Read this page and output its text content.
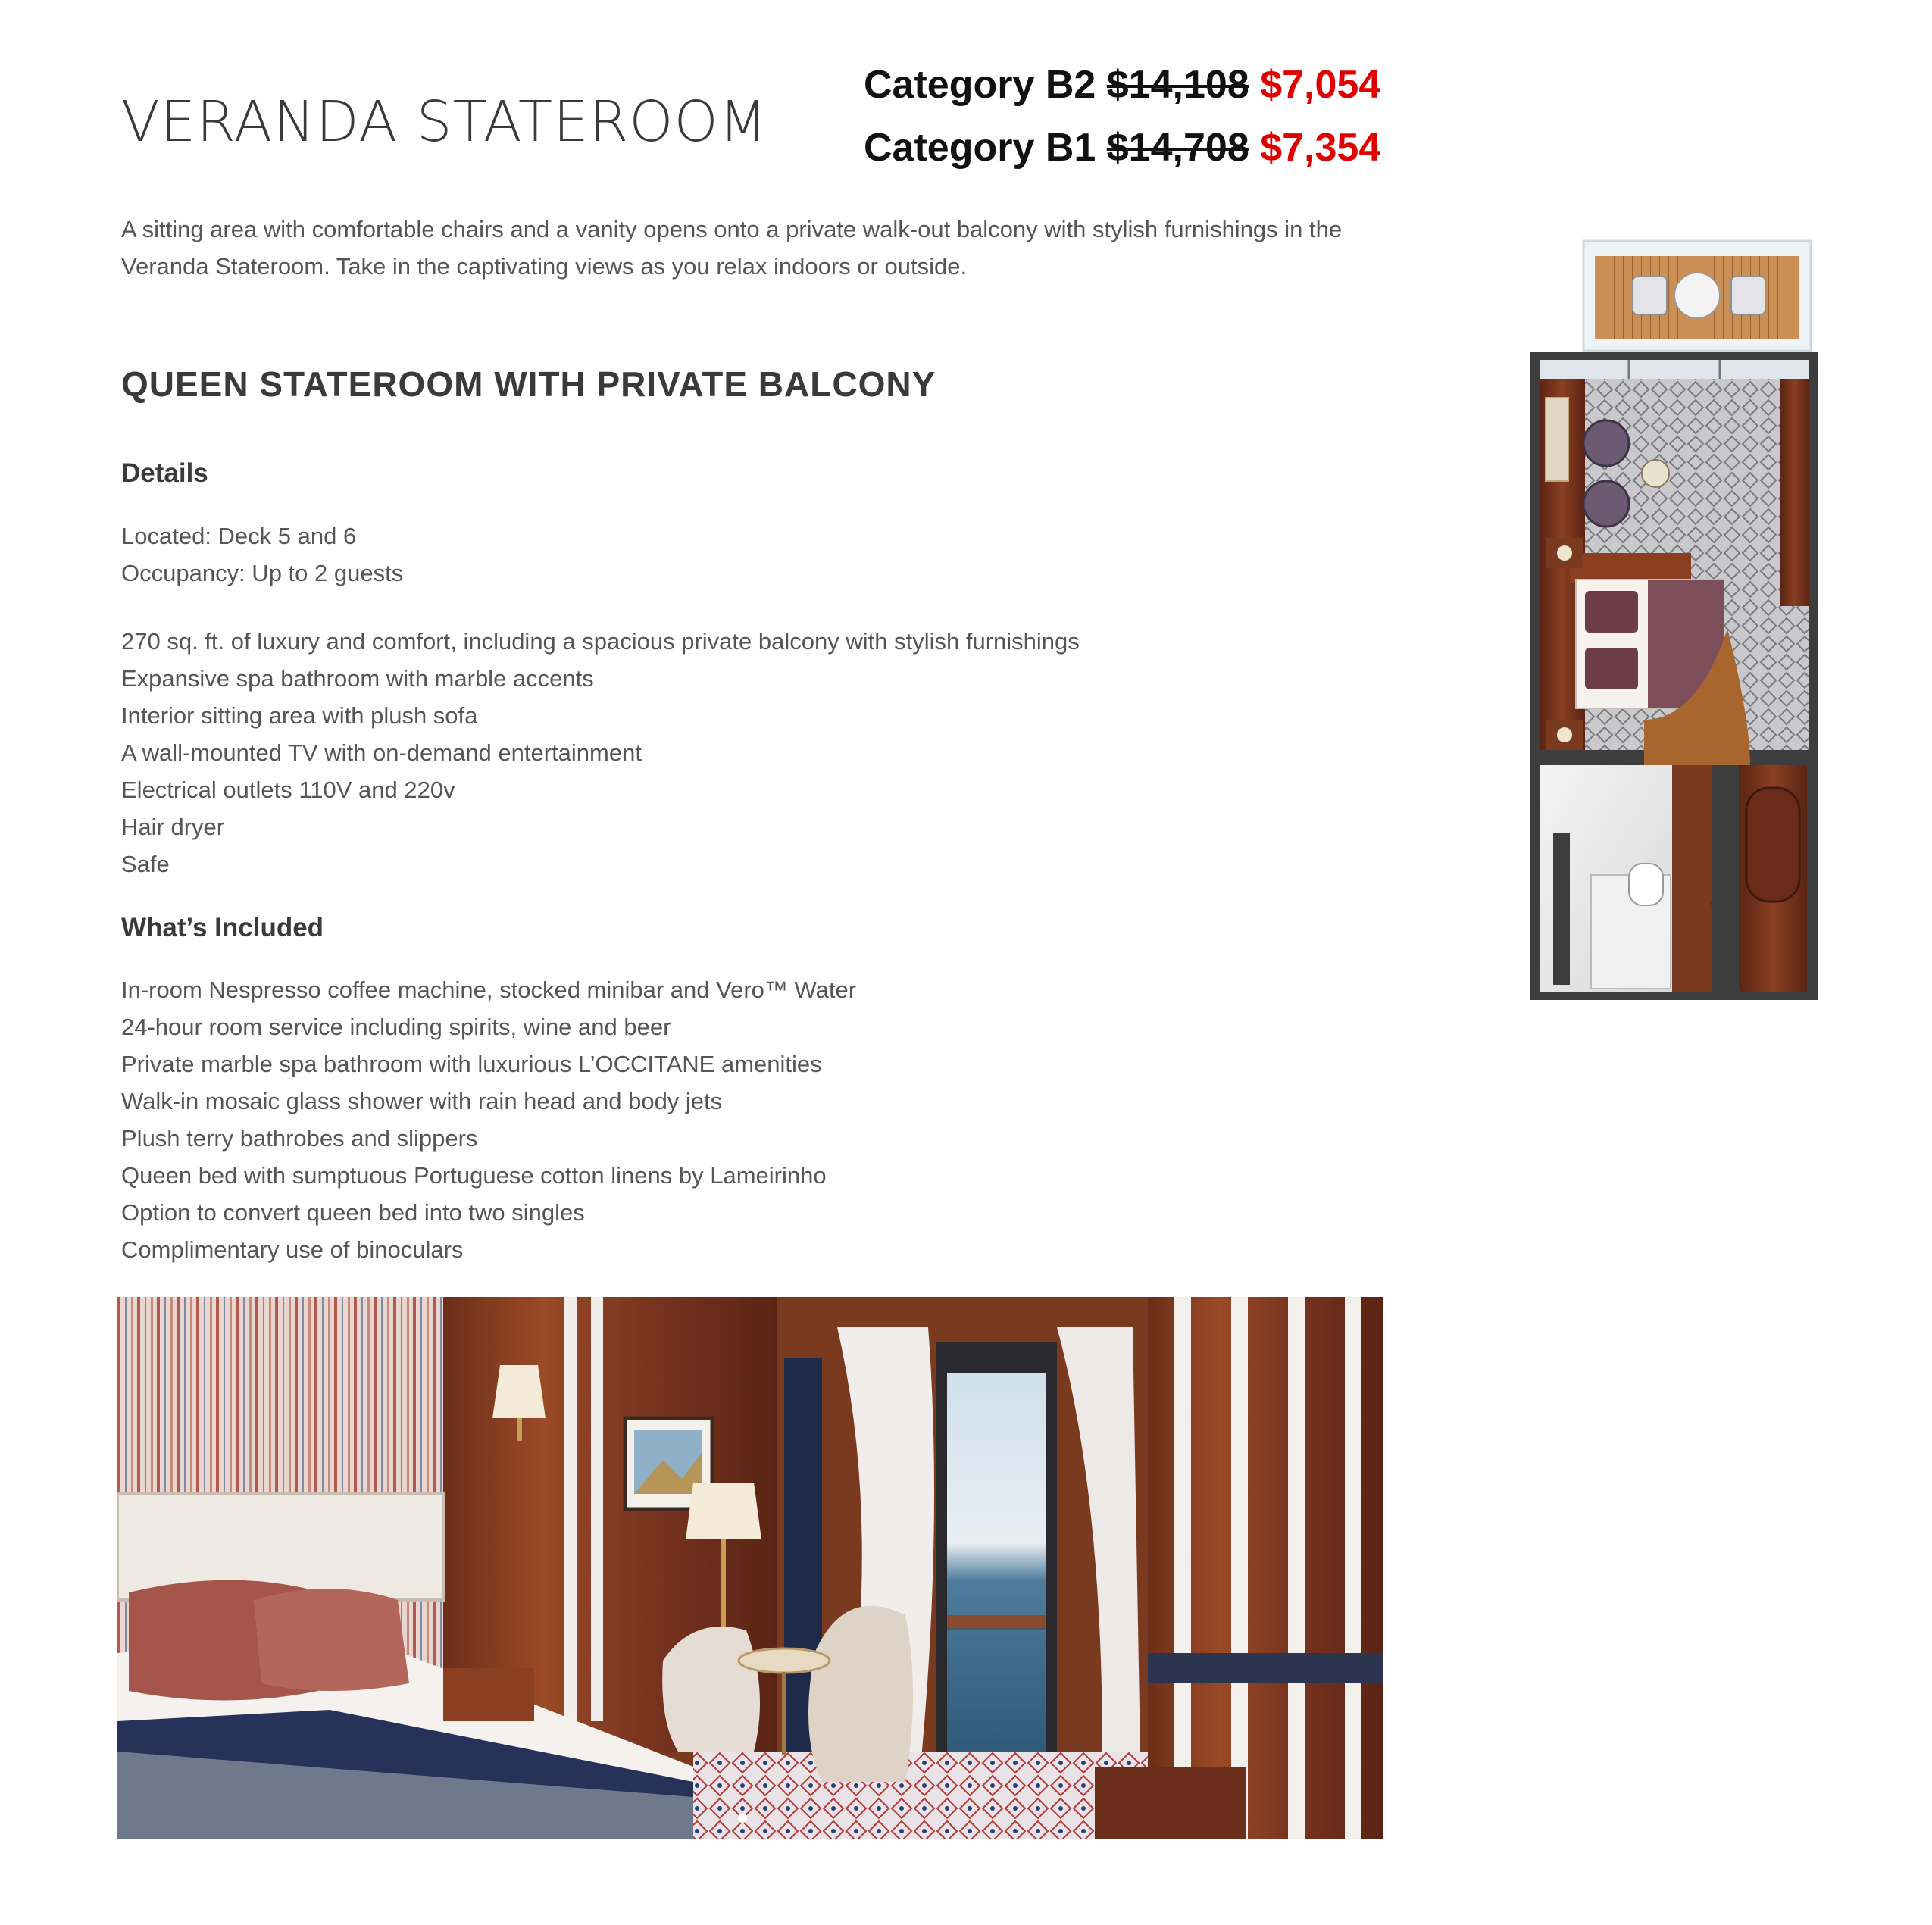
VERANDA STATEROOM
Category B2 $14,108 $7,054
Category B1 $14,708 $7,354

A sitting area with comfortable chairs and a vanity opens onto a private walk-out balcony with stylish furnishings in the Veranda Stateroom. Take in the captivating views as you relax indoors or outside.

QUEEN STATEROOM WITH PRIVATE BALCONY
Details
Located: Deck 5 and 6
Occupancy: Up to 2 guests
270 sq. ft. of luxury and comfort, including a spacious private balcony with stylish furnishings
Expansive spa bathroom with marble accents
Interior sitting area with plush sofa
A wall-mounted TV with on-demand entertainment
Electrical outlets 110V and 220v
Hair dryer
Safe
What’s Included
In-room Nespresso coffee machine, stocked minibar and Vero™ Water
24-hour room service including spirits, wine and beer
Private marble spa bathroom with luxurious L’OCCITANE amenities
Walk-in mosaic glass shower with rain head and body jets
Plush terry bathrobes and slippers
Queen bed with sumptuous Portuguese cotton linens by Lameirinho
Option to convert queen bed into two singles
Complimentary use of binoculars
